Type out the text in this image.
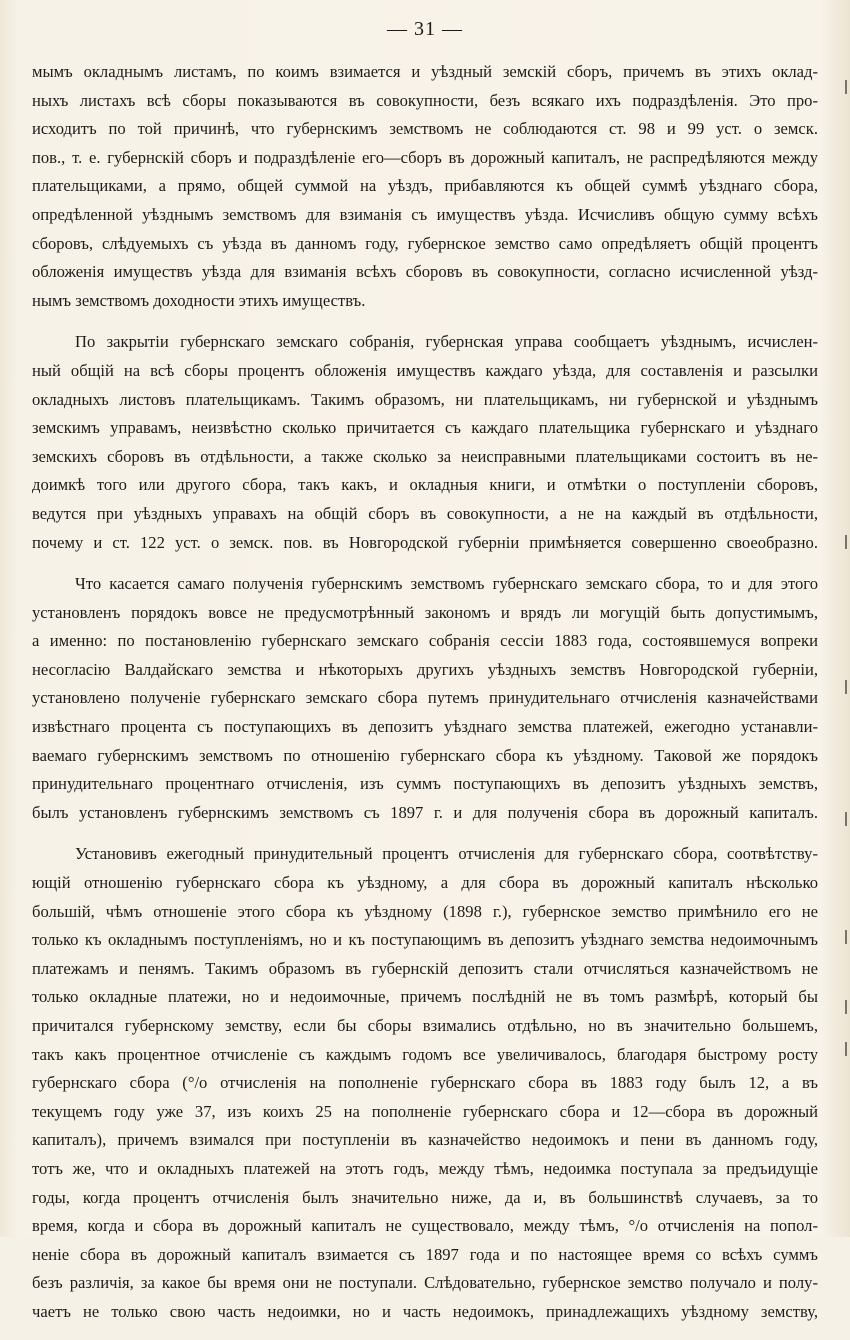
— 31 —
мымъ окладнымъ листамъ, по коимъ взимается и уѣздный земскій сборъ, причемъ въ этихъ оклад-
ныхъ листахъ всѣ сборы показываются въ совокупности, безъ всякаго ихъ подраздѣленія. Это про-
исходитъ по той причинѣ, что губернскимъ земствомъ не соблюдаются ст. 98 и 99 уст. о земск.
пов., т. е. губернскій сборъ и подраздѣленіе его—сборъ въ дорожный капиталъ, не распредѣляются между
плательщиками, а прямо, общей суммой на уѣздъ, прибавляются къ общей суммѣ уѣзднаго сбора,
опредѣленной уѣзднымъ земствомъ для взиманія съ имуществъ уѣзда. Исчисливъ общую сумму всѣхъ
сборовъ, слѣдуемыхъ съ уѣзда въ данномъ году, губернское земство само опредѣляетъ общій процентъ
обложенія имуществъ уѣзда для взиманія всѣхъ сборовъ въ совокупности, согласно исчисленной уѣзд-
нымъ земствомъ доходности этихъ имуществъ.
По закрытіи губернскаго земскаго собранія, губернская управа сообщаетъ уѣзднымъ, исчислен-
ный общій на всѣ сборы процентъ обложенія имуществъ каждаго уѣзда, для составленія и разсылки
окладныхъ листовъ плательщикамъ. Такимъ образомъ, ни плательщикамъ, ни губернской и уѣзднымъ
земскимъ управамъ, неизвѣстно сколько причитается съ каждаго плательщика губернскаго и уѣзднаго
земскихъ сборовъ въ отдѣльности, а также сколько за неисправными плательщиками состоитъ въ не-
доимкѣ того или другого сбора, такъ какъ, и окладныя книги, и отмѣтки о поступленіи сборовъ,
ведутся при уѣздныхъ управахъ на общій сборъ въ совокупности, а не на каждый въ отдѣльности,
почему и ст. 122 уст. о земск. пов. въ Новгородской губерніи примѣняется совершенно своеобразно.
Что касается самаго полученія губернскимъ земствомъ губернскаго земскаго сбора, то и для этого
установленъ порядокъ вовсе не предусмотрѣнный закономъ и врядъ ли могущій быть допустимымъ,
а именно: по постановленію губернскаго земскаго собранія сессіи 1883 года, состоявшемуся вопреки
несогласію Валдайскаго земства и нѣкоторыхъ другихъ уѣздныхъ земствъ Новгородской губерніи,
установлено полученіе губернскаго земскаго сбора путемъ принудительнаго отчисленія казначействами
извѣстнаго процента съ поступающихъ въ депозитъ уѣзднаго земства платежей, ежегодно устанавли-
ваемаго губернскимъ земствомъ по отношенію губернскаго сбора къ уѣздному. Таковой же порядокъ
принудительнаго процентнаго отчисленія, изъ суммъ поступающихъ въ депозитъ уѣздныхъ земствъ,
былъ установленъ губернскимъ земствомъ съ 1897 г. и для полученія сбора въ дорожный капиталъ.
Установивъ ежегодный принудительный процентъ отчисленія для губернскаго сбора, соотвѣтству-
ющій отношенію губернскаго сбора къ уѣздному, а для сбора въ дорожный капиталъ нѣсколько
большій, чѣмъ отношеніе этого сбора къ уѣздному (1898 г.), губернское земство примѣнило его не
только къ окладнымъ поступленіямъ, но и къ поступающимъ въ депозитъ уѣзднаго земства недоимочнымъ
платежамъ и пенямъ. Такимъ образомъ въ губернскій депозитъ стали отчисляться казначействомъ не
только окладные платежи, но и недоимочные, причемъ послѣдній не въ томъ размѣрѣ, который бы
причитался губернскому земству, если бы сборы взимались отдѣльно, но въ значительно большемъ,
такъ какъ процентное отчисленіе съ каждымъ годомъ все увеличивалось, благодаря быстрому росту
губернскаго сбора (°/о отчисленія на пополненіе губернскаго сбора въ 1883 году былъ 12, а въ
текущемъ году уже 37, изъ коихъ 25 на пополненіе губернскаго сбора и 12—сбора въ дорожный
капиталъ), причемъ взимался при поступленіи въ казначейство недоимокъ и пени въ данномъ году,
тотъ же, что и окладныхъ платежей на этотъ годъ, между тѣмъ, недоимка поступала за предъидущіе
годы, когда процентъ отчисленія былъ значительно ниже, да и, въ большинствѣ случаевъ, за то
время, когда и сбора въ дорожный капиталъ не существовало, между тѣмъ, °/о отчисленія на попол-
неніе сбора въ дорожный капиталъ взимается съ 1897 года и по настоящее время со всѣхъ суммъ
безъ различія, за какое бы время они не поступали. Слѣдовательно, губернское земство получало и полу-
чаетъ не только свою часть недоимки, но и часть недоимокъ, принадлежащихъ уѣздному земству,
